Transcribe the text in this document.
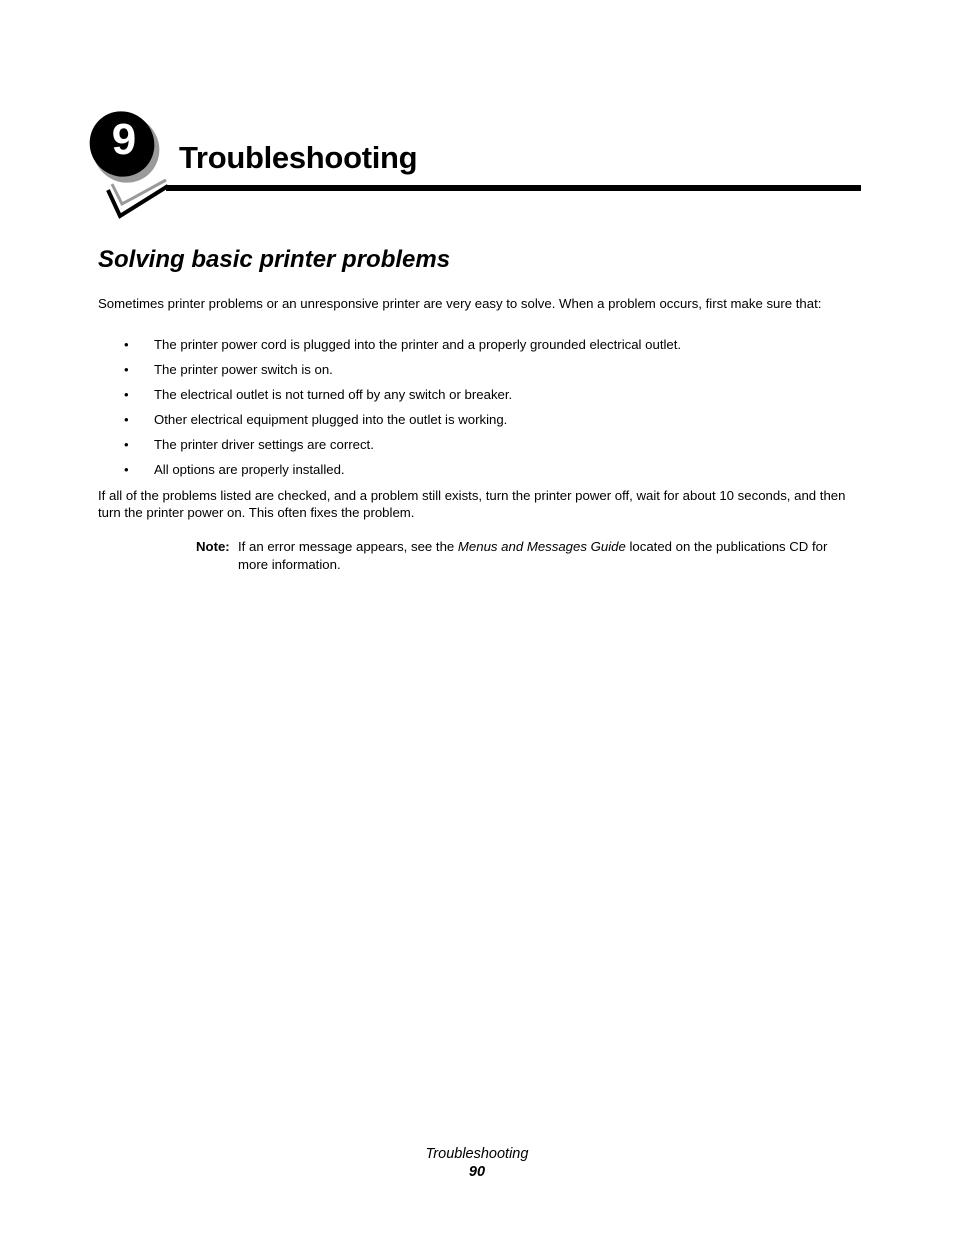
9	Troubleshooting
Solving basic printer problems

Sometimes printer problems or an unresponsive printer are very easy to solve. When a problem occurs, first make sure that:

• The printer power cord is plugged into the printer and a properly grounded electrical outlet.
• The printer power switch is on.
• The electrical outlet is not turned off by any switch or breaker.
• Other electrical equipment plugged into the outlet is working.
• The printer driver settings are correct.
• All options are properly installed.

If all of the problems listed are checked, and a problem still exists, turn the printer power off, wait for about 10 seconds, and then turn the printer power on. This often fixes the problem.

Note: If an error message appears, see the Menus and Messages Guide located on the publications CD for more information.
Troubleshooting
90
